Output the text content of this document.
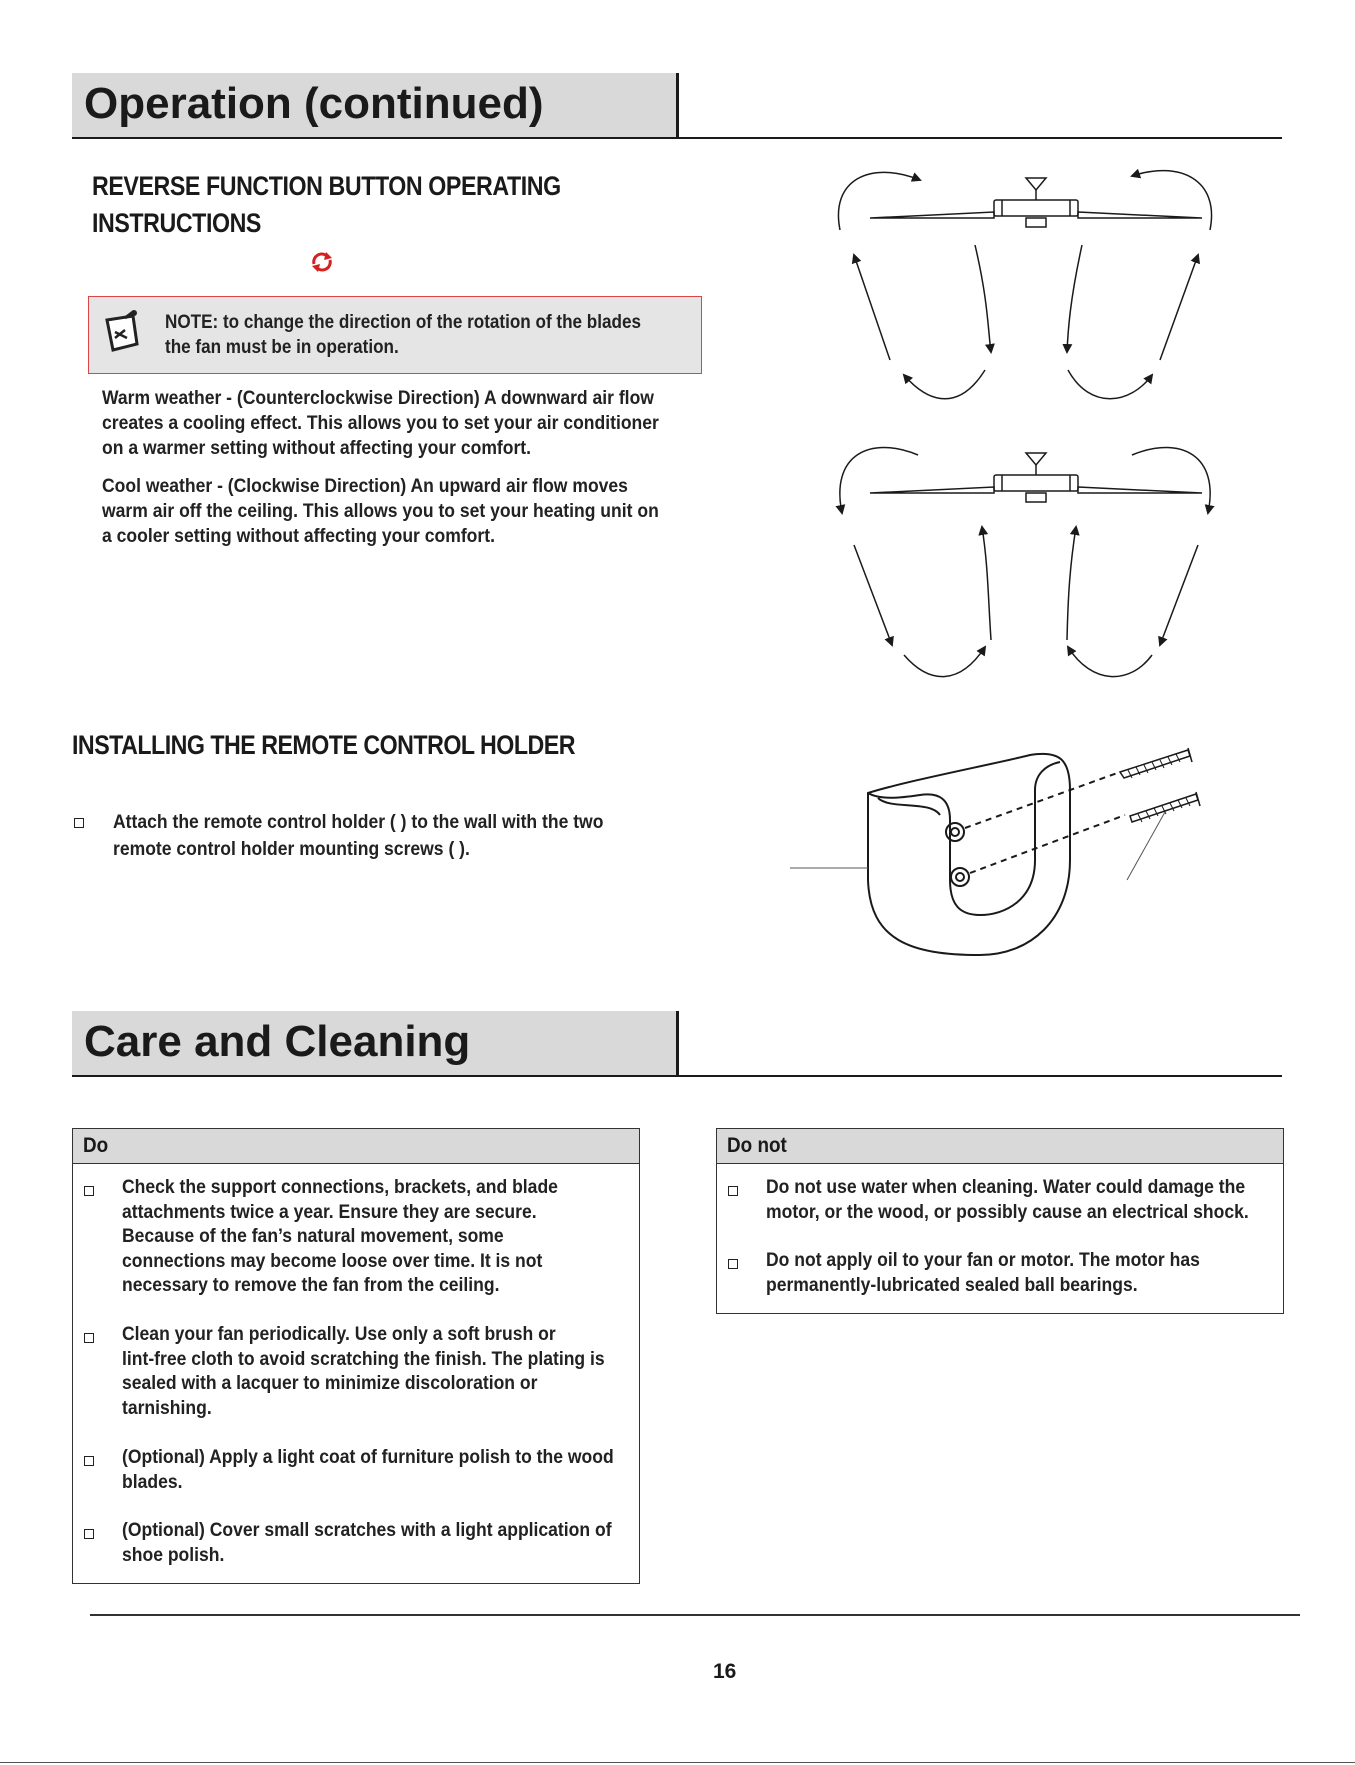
Operation (continued)
REVERSE FUNCTION BUTTON OPERATING
INSTRUCTIONS
NOTE: to change the direction of the rotation of the blades
the fan must be in operation.
Warm weather - (Counterclockwise Direction) A downward air flow
creates a cooling effect. This allows you to set your air conditioner
on a warmer setting without affecting your comfort.
Cool weather - (Clockwise Direction) An upward air flow moves
warm air off the ceiling. This allows you to set your heating unit on
a cooler setting without affecting your comfort.
INSTALLING THE REMOTE CONTROL HOLDER
Attach the remote control holder ( ) to the wall with the two
remote control holder mounting screws ( ).
Care and Cleaning
Do
Check the support connections, brackets, and blade
attachments twice a year. Ensure they are secure.
Because of the fan’s natural movement, some
connections may become loose over time. It is not
necessary to remove the fan from the ceiling.
Clean your fan periodically. Use only a soft brush or
lint-free cloth to avoid scratching the finish. The plating is
sealed with a lacquer to minimize discoloration or
tarnishing.
(Optional) Apply a light coat of furniture polish to the wood
blades.
(Optional) Cover small scratches with a light application of
shoe polish.
Do not
Do not use water when cleaning. Water could damage the
motor, or the wood, or possibly cause an electrical shock.
Do not apply oil to your fan or motor. The motor has
permanently-lubricated sealed ball bearings.
16
